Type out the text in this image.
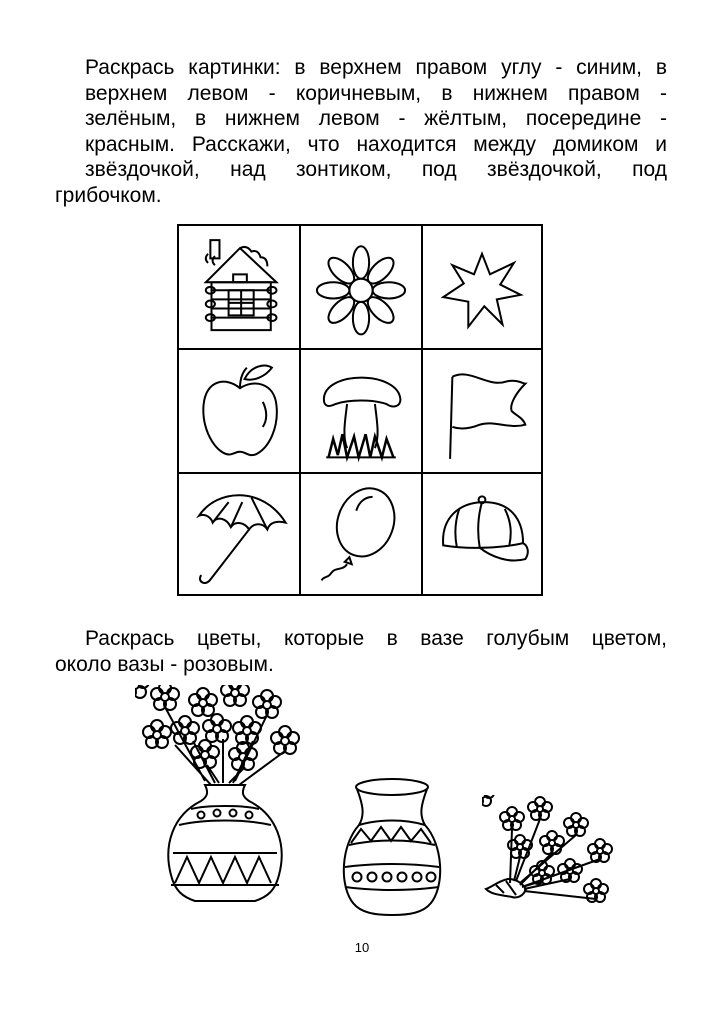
Раскрась картинки: в верхнем правом углу - синим, в
верхнем левом - коричневым, в нижнем правом -
зелёным, в нижнем левом - жёлтым, посередине -
красным. Расскажи, что находится между домиком и
звёздочкой, над зонтиком, под звёздочкой, под
грибочком.

Раскрась цветы, которые в вазе голубым цветом,
около вазы - розовым.

10
